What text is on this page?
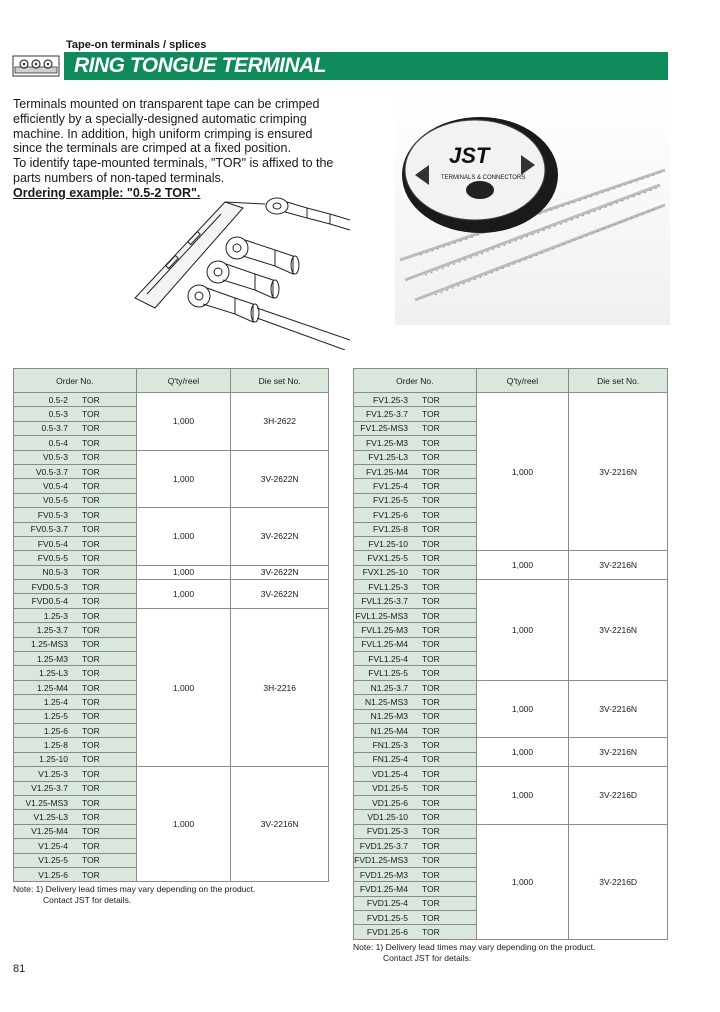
Tape-on terminals / splices
RING TONGUE TERMINAL

Terminals mounted on transparent tape can be crimped efficiently by a specially-designed automatic crimping machine. In addition, high uniform crimping is ensured since the terminals are crimped at a fixed position.

To identify tape-mounted terminals, "TOR" is affixed to the parts numbers of non-taped terminals.

Ordering example: "0.5-2 TOR".

JST
TERMINALS & CONNECTORS
Order No.	Q'ty/reel	Die set No.
0.5-2 TOR	1,000	3H-2622
0.5-3 TOR		
0.5-3.7 TOR		
0.5-4 TOR		
V0.5-3 TOR	1,000	3V-2622N
V0.5-3.7 TOR		
V0.5-4 TOR		
V0.5-5 TOR		
FV0.5-3 TOR	1,000	3V-2622N
FV0.5-3.7 TOR		
FV0.5-4 TOR		
FV0.5-5 TOR		
N0.5-3 TOR	1,000	3V-2622N
FVD0.5-3 TOR	1,000	3V-2622N
FVD0.5-4 TOR		
1.25-3 TOR	1,000	3H-2216
1.25-3.7 TOR		
1.25-MS3 TOR		
1.25-M3 TOR		
1.25-L3 TOR		
1.25-M4 TOR		
1.25-4 TOR		
1.25-5 TOR		
1.25-6 TOR		
1.25-8 TOR		
1.25-10 TOR		
V1.25-3 TOR	1,000	3V-2216N
V1.25-3.7 TOR		
V1.25-MS3 TOR		
V1.25-L3 TOR		
V1.25-M4 TOR		
V1.25-4 TOR		
V1.25-5 TOR		
V1.25-6 TOR		
Order No.	Q'ty/reel	Die set No.
FV1.25-3 TOR	1,000	3V-2216N
FV1.25-3.7 TOR		
FV1.25-MS3 TOR		
FV1.25-M3 TOR		
FV1.25-L3 TOR		
FV1.25-M4 TOR		
FV1.25-4 TOR		
FV1.25-5 TOR		
FV1.25-6 TOR		
FV1.25-8 TOR		
FV1.25-10 TOR		
FVX1.25-5 TOR	1,000	3V-2216N
FVX1.25-10 TOR		
FVL1.25-3 TOR	1,000	3V-2216N
FVL1.25-3.7 TOR		
FVL1.25-MS3 TOR		
FVL1.25-M3 TOR		
FVL1.25-M4 TOR		
FVL1.25-4 TOR		
FVL1.25-5 TOR		
N1.25-3.7 TOR	1,000	3V-2216N
N1.25-MS3 TOR		
N1.25-M3 TOR		
N1.25-M4 TOR		
FN1.25-3 TOR	1,000	3V-2216N
FN1.25-4 TOR		
VD1.25-4 TOR	1,000	3V-2216D
VD1.25-5 TOR		
VD1.25-6 TOR		
VD1.25-10 TOR		
FVD1.25-3 TOR	1,000	3V-2216D
FVD1.25-3.7 TOR		
FVD1.25-MS3 TOR		
FVD1.25-M3 TOR		
FVD1.25-M4 TOR		
FVD1.25-4 TOR		
FVD1.25-5 TOR		
FVD1.25-6 TOR		
Note: 1) Delivery lead times may vary depending on the product.
Contact JST for details.
Note: 1) Delivery lead times may vary depending on the product.
Contact JST for details.
81
